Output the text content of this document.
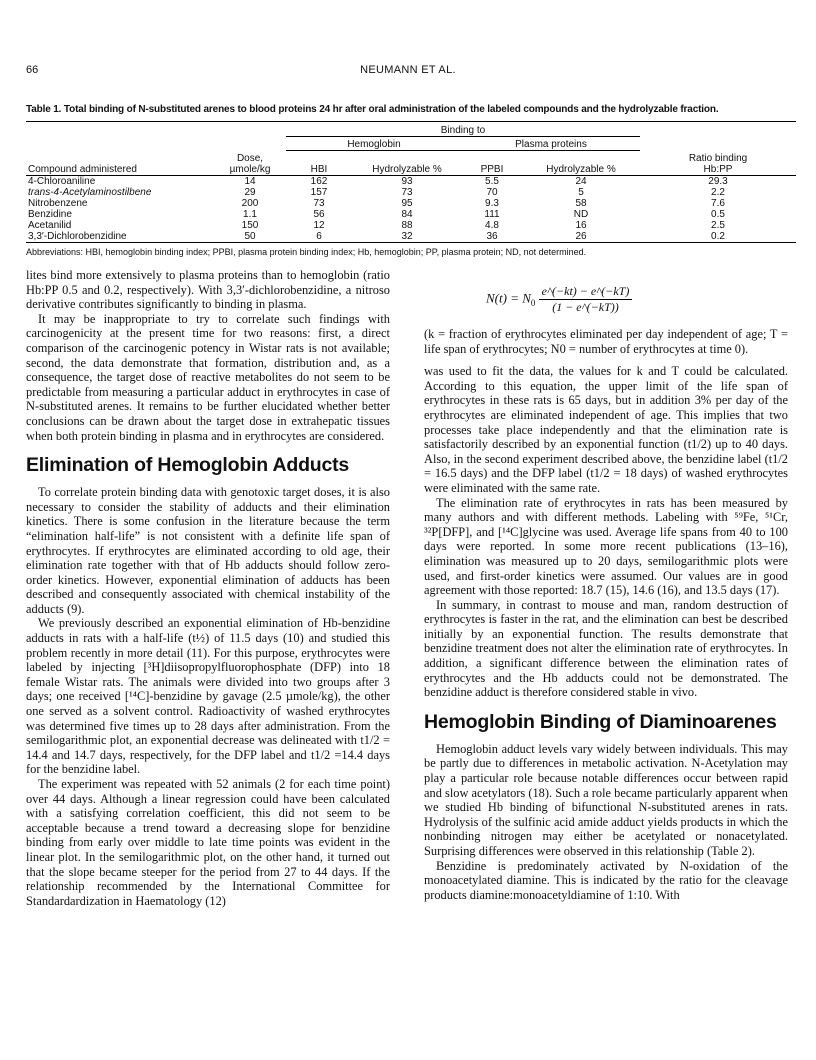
66	NEUMANN ET AL.
Table 1. Total binding of N-substituted arenes to blood proteins 24 hr after oral administration of the labeled compounds and the hydrolyzable fraction.
		Binding to				
		Hemoglobin		Plasma proteins		
	Dose,					Ratio binding
Compound administered	µmole/kg	HBI	Hydrolyzable %	PPBI	Hydrolyzable %	Hb:PP
4-Chloroaniline	14	162	93	5.5	24	29.3
trans-4-Acetylaminostilbene	29	157	73	70	5	2.2
Nitrobenzene	200	73	95	9.3	58	7.6
Benzidine	1.1	56	84	111	ND	0.5
Acetanilid	150	12	88	4.8	16	2.5
3,3′-Dichlorobenzidine	50	6	32	36	26	0.2
Abbreviations: HBI, hemoglobin binding index; PPBI, plasma protein binding index; Hb, hemoglobin; PP, plasma protein; ND, not determined.

lites bind more extensively to plasma proteins than to hemoglobin (ratio Hb:PP 0.5 and 0.2, respectively). With 3,3′-dichlorobenzidine, a nitroso derivative contributes significantly to binding in plasma.

It may be inappropriate to try to correlate such findings with carcinogenicity at the present time for two reasons: first, a direct comparison of the carcinogenic potency in Wistar rats is not available; second, the data demonstrate that formation, distribution and, as a consequence, the target dose of reactive metabolites do not seem to be predictable from measuring a particular adduct in erythrocytes in case of N-substituted arenes. It remains to be further elucidated whether better conclusions can be drawn about the target dose in extrahepatic tissues when both protein binding in plasma and in erythrocytes are considered.

Elimination of Hemoglobin Adducts

To correlate protein binding data with genotoxic target doses, it is also necessary to consider the stability of adducts and their elimination kinetics. There is some confusion in the literature because the term “elimination half-life” is not consistent with a definite life span of erythrocytes. If erythrocytes are eliminated according to old age, their elimination rate together with that of Hb adducts should follow zero-order kinetics. However, exponential elimination of adducts has been described and consequently associated with chemical instability of the adducts (9).

We previously described an exponential elimination of Hb-benzidine adducts in rats with a half-life (t½) of 11.5 days (10) and studied this problem recently in more detail (11). For this purpose, erythrocytes were labeled by injecting [³H]diisopropylfluorophosphate (DFP) into 18 female Wistar rats. The animals were divided into two groups after 3 days; one received [¹⁴C]-benzidine by gavage (2.5 µmole/kg), the other one served as a solvent control. Radioactivity of washed erythrocytes was determined five times up to 28 days after administration. From the semilogarithmic plot, an exponential decrease was delineated with t1/2 = 14.4 and 14.7 days, respectively, for the DFP label and t1/2 =14.4 days for the benzidine label.

The experiment was repeated with 52 animals (2 for each time point) over 44 days. Although a linear regression could have been calculated with a satisfying correlation coefficient, this did not seem to be acceptable because a trend toward a decreasing slope for benzidine binding from early over middle to late time points was evident in the linear plot. In the semilogarithmic plot, on the other hand, it turned out that the slope became steeper for the period from 27 to 44 days. If the relationship recommended by the International Committee for Standardardization in Haematology (12)

$N(t) = N_0 \frac{e\^{}(-kt) - e\^{}(-kT)}{(1 - e\^{}(-kT))}$

(k = fraction of erythrocytes eliminated per day independent of age; T = life span of erythrocytes; N0 = number of erythrocytes at time 0).

was used to fit the data, the values for k and T could be calculated. According to this equation, the upper limit of the life span of erythrocytes in these rats is 65 days, but in addition 3% per day of the erythrocytes are eliminated independent of age. This implies that two processes take place independently and that the elimination rate is satisfactorily described by an exponential function (t1/2) up to 40 days. Also, in the second experiment described above, the benzidine label (t1/2 = 16.5 days) and the DFP label (t1/2 = 18 days) of washed erythrocytes were eliminated with the same rate.

The elimination rate of erythrocytes in rats has been measured by many authors and with different methods. Labeling with ⁵⁹Fe, ⁵¹Cr, ³²P[DFP], and [¹⁴C]glycine was used. Average life spans from 40 to 100 days were reported. In some more recent publications (13–16), elimination was measured up to 20 days, semilogarithmic plots were used, and first-order kinetics were assumed. Our values are in good agreement with those reported: 18.7 (15), 14.6 (16), and 13.5 days (17).

In summary, in contrast to mouse and man, random destruction of erythrocytes is faster in the rat, and the elimination can best be described initially by an exponential function. The results demonstrate that benzidine treatment does not alter the elimination rate of erythrocytes. In addition, a significant difference between the elimination rates of erythrocytes and the Hb adducts could not be demonstrated. The benzidine adduct is therefore considered stable in vivo.

Hemoglobin Binding of Diaminoarenes

Hemoglobin adduct levels vary widely between individuals. This may be partly due to differences in metabolic activation. N-Acetylation may play a particular role because notable differences occur between rapid and slow acetylators (18). Such a role became particularly apparent when we studied Hb binding of bifunctional N-substituted arenes in rats. Hydrolysis of the sulfinic acid amide adduct yields products in which the nonbinding nitrogen may either be acetylated or nonacetylated. Surprising differences were observed in this relationship (Table 2).

Benzidine is predominately activated by N-oxidation of the monoacetylated diamine. This is indicated by the ratio for the cleavage products diamine:monoacetyldiamine of 1:10. With
